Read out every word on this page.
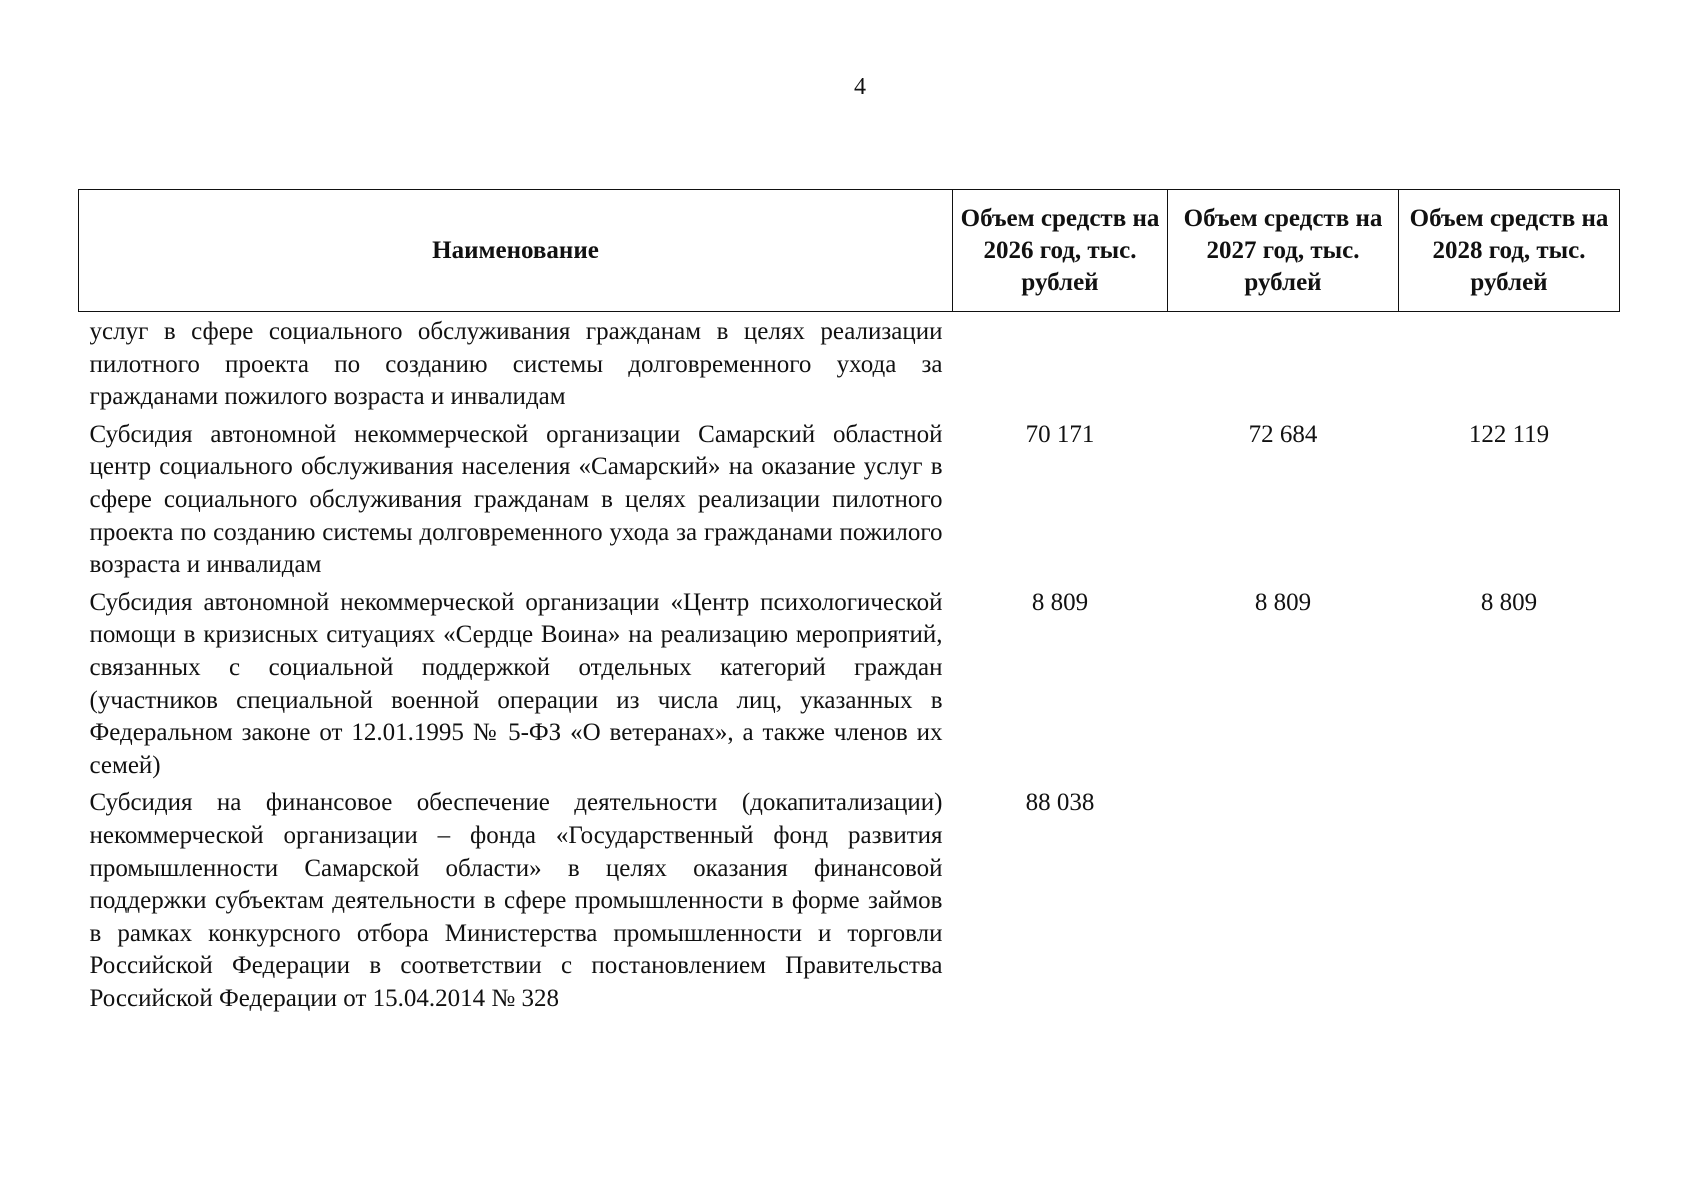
4
Наименование	Объем средств на 2026 год, тыс. рублей	Объем средств на 2027 год, тыс. рублей	Объем средств на 2028 год, тыс. рублей
услуг в сфере социального обслуживания гражданам в целях реализации пилотного проекта по созданию системы долговременного ухода за гражданами пожилого возраста и инвалидам			
Субсидия автономной некоммерческой организации Самарский областной центр социального обслуживания населения «Самарский» на оказание услуг в сфере социального обслуживания гражданам в целях реализации пилотного проекта по созданию системы долговременного ухода за гражданами пожилого возраста и инвалидам	70 171	72 684	122 119
Субсидия автономной некоммерческой организации «Центр психологической помощи в кризисных ситуациях «Сердце Воина» на реализацию мероприятий, связанных с социальной поддержкой отдельных категорий граждан (участников специальной военной операции из числа лиц, указанных в Федеральном законе от 12.01.1995 № 5-ФЗ «О ветеранах», а также членов их семей)	8 809	8 809	8 809
Субсидия на финансовое обеспечение деятельности (докапитализации) некоммерческой организации – фонда «Государственный фонд развития промышленности Самарской области» в целях оказания финансовой поддержки субъектам деятельности в сфере промышленности в форме займов в рамках конкурсного отбора Министерства промышленности и торговли Российской Федерации в соответствии с постановлением Правительства Российской Федерации от 15.04.2014 № 328	88 038		
